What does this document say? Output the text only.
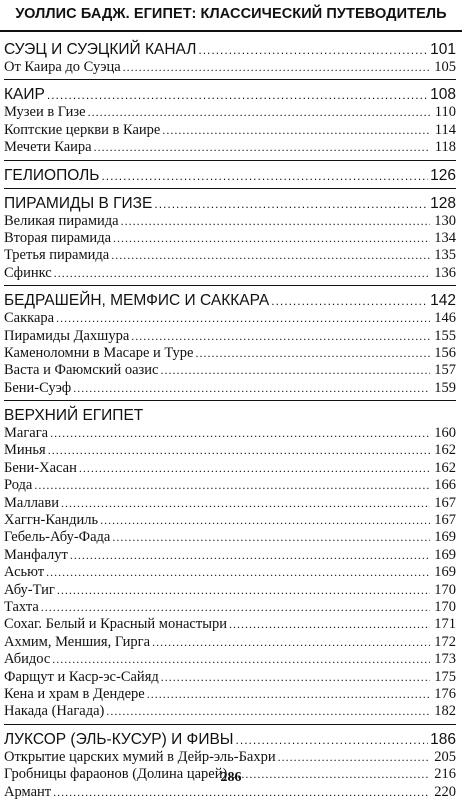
УОЛЛИС БАДЖ. ЕГИПЕТ: КЛАССИЧЕСКИЙ ПУТЕВОДИТЕЛЬ
СУЭЦ И СУЭЦКИЙ КАНАЛ .....	101
От Каира до Суэца .....	105
КАИР .....	108
Музеи в Гизе .....	110
Коптские церкви в Каире .....	114
Мечети Каира .....	118
ГЕЛИОПОЛЬ .....	126
ПИРАМИДЫ В ГИЗЕ .....	128
Великая пирамида .....	130
Вторая пирамида .....	134
Третья пирамида .....	135
Сфинкс .....	136
БЕДРАШЕЙН, МЕМФИС И САККАРА .....	142
Саккара .....	146
Пирамиды Дахшура .....	155
Каменоломни в Масаре и Туре .....	156
Васта и Фаюмский оазис .....	157
Бени-Суэф .....	159
ВЕРХНИЙ ЕГИПЕТ
Магага .....	160
Минья .....	162
Бени-Хасан .....	162
Рода .....	166
Маллави .....	167
Хаггн-Кандиль .....	167
Гебель-Абу-Фада .....	169
Манфалут .....	169
Асьют .....	169
Абу-Тиг .....	170
Тахта .....	170
Сохаг. Белый и Красный монастыри .....	171
Ахмим, Меншия, Гирга .....	172
Абидос .....	173
Фарщут и Каср-эс-Сайяд .....	175
Кена и храм в Дендере .....	176
Накада (Нагада) .....	182
ЛУКСОР (ЭЛЬ-КУСУР) И ФИВЫ .....	186
Открытие царских мумий в Дейр-эль-Бахри .....	205
Гробницы фараонов (Долина царей) .....	216
Армант .....	220
286
